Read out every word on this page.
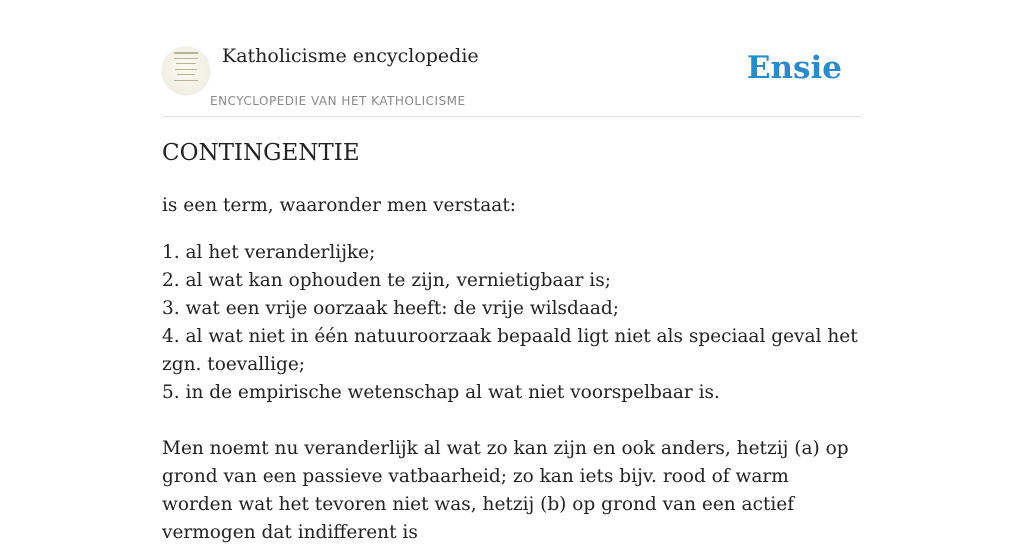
Katholicisme encyclopedie
ENCYCLOPEDIE VAN HET KATHOLICISME
Ensie
CONTINGENTIE

is een term, waaronder men verstaat:

1. al het veranderlijke;
2. al wat kan ophouden te zijn, vernietigbaar is;
3. wat een vrije oorzaak heeft: de vrije wilsdaad;
4. al wat niet in één natuuroorzaak bepaald ligt niet als speciaal geval het zgn. toevallige;
5. in de empirische wetenschap al wat niet voorspelbaar is.

Men noemt nu veranderlijk al wat zo kan zijn en ook anders, hetzij (a) op grond van een passieve vatbaarheid; zo kan iets bijv. rood of warm worden wat het tevoren niet was, hetzij (b) op grond van een actief vermogen dat indifferent is
